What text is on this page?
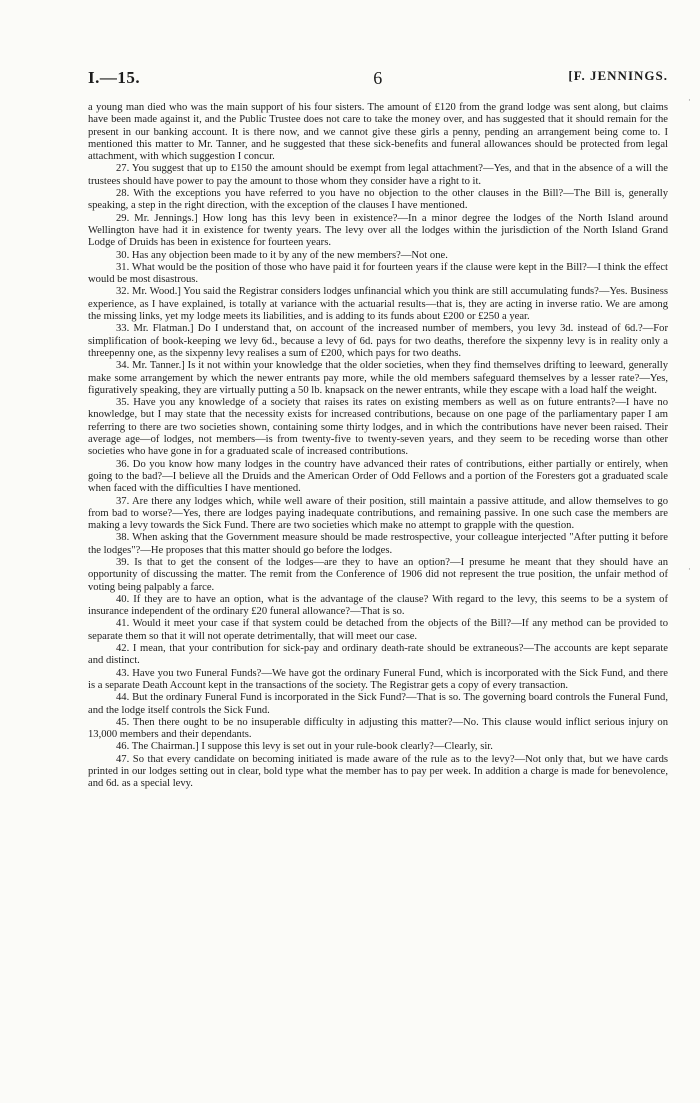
6
I.—15.	[F. JENNINGS.

a young man died who was the main support of his four sisters. The amount of £120 from the grand lodge was sent along, but claims have been made against it, and the Public Trustee does not care to take the money over, and has suggested that it should remain for the present in our banking account. It is there now, and we cannot give these girls a penny, pending an arrangement being come to. I mentioned this matter to Mr. Tanner, and he suggested that these sick-benefits and funeral allowances should be protected from legal attachment, with which suggestion I concur.

27. You suggest that up to £150 the amount should be exempt from legal attachment?—Yes, and that in the absence of a will the trustees should have power to pay the amount to those whom they consider have a right to it.

28. With the exceptions you have referred to you have no objection to the other clauses in the Bill?—The Bill is, generally speaking, a step in the right direction, with the exception of the clauses I have mentioned.

29. Mr. Jennings.] How long has this levy been in existence?—In a minor degree the lodges of the North Island around Wellington have had it in existence for twenty years. The levy over all the lodges within the jurisdiction of the North Island Grand Lodge of Druids has been in existence for fourteen years.

30. Has any objection been made to it by any of the new members?—Not one.

31. What would be the position of those who have paid it for fourteen years if the clause were kept in the Bill?—I think the effect would be most disastrous.

32. Mr. Wood.] You said the Registrar considers lodges unfinancial which you think are still accumulating funds?—Yes. Business experience, as I have explained, is totally at variance with the actuarial results—that is, they are acting in inverse ratio. We are among the missing links, yet my lodge meets its liabilities, and is adding to its funds about £200 or £250 a year.

33. Mr. Flatman.] Do I understand that, on account of the increased number of members, you levy 3d. instead of 6d.?—For simplification of book-keeping we levy 6d., because a levy of 6d. pays for two deaths, therefore the sixpenny levy is in reality only a threepenny one, as the sixpenny levy realises a sum of £200, which pays for two deaths.

34. Mr. Tanner.] Is it not within your knowledge that the older societies, when they find themselves drifting to leeward, generally make some arrangement by which the newer entrants pay more, while the old members safeguard themselves by a lesser rate?—Yes, figuratively speaking, they are virtually putting a 50 lb. knapsack on the newer entrants, while they escape with a load half the weight.

35. Have you any knowledge of a society that raises its rates on existing members as well as on future entrants?—I have no knowledge, but I may state that the necessity exists for increased contributions, because on one page of the parliamentary paper I am referring to there are two societies shown, containing some thirty lodges, and in which the contributions have never been raised. Their average age—of lodges, not members—is from twenty-five to twenty-seven years, and they seem to be receding worse than other societies who have gone in for a graduated scale of increased contributions.

36. Do you know how many lodges in the country have advanced their rates of contributions, either partially or entirely, when going to the bad?—I believe all the Druids and the American Order of Odd Fellows and a portion of the Foresters got a graduated scale when faced with the difficulties I have mentioned.

37. Are there any lodges which, while well aware of their position, still maintain a passive attitude, and allow themselves to go from bad to worse?—Yes, there are lodges paying inadequate contributions, and remaining passive. In one such case the members are making a levy towards the Sick Fund. There are two societies which make no attempt to grapple with the question.

38. When asking that the Government measure should be made restrospective, your colleague interjected "After putting it before the lodges"?—He proposes that this matter should go before the lodges.

39. Is that to get the consent of the lodges—are they to have an option?—I presume he meant that they should have an opportunity of discussing the matter. The remit from the Conference of 1906 did not represent the true position, the unfair method of voting being palpably a farce.

40. If they are to have an option, what is the advantage of the clause? With regard to the levy, this seems to be a system of insurance independent of the ordinary £20 funeral allowance?—That is so.

41. Would it meet your case if that system could be detached from the objects of the Bill?—If any method can be provided to separate them so that it will not operate detrimentally, that will meet our case.

42. I mean, that your contribution for sick-pay and ordinary death-rate should be extraneous?—The accounts are kept separate and distinct.

43. Have you two Funeral Funds?—We have got the ordinary Funeral Fund, which is incorporated with the Sick Fund, and there is a separate Death Account kept in the transactions of the society. The Registrar gets a copy of every transaction.

44. But the ordinary Funeral Fund is incorporated in the Sick Fund?—That is so. The governing board controls the Funeral Fund, and the lodge itself controls the Sick Fund.

45. Then there ought to be no insuperable difficulty in adjusting this matter?—No. This clause would inflict serious injury on 13,000 members and their dependants.

46. The Chairman.] I suppose this levy is set out in your rule-book clearly?—Clearly, sir.

47. So that every candidate on becoming initiated is made aware of the rule as to the levy?—Not only that, but we have cards printed in our lodges setting out in clear, bold type what the member has to pay per week. In addition a charge is made for benevolence, and 6d. as a special levy.

·
·
